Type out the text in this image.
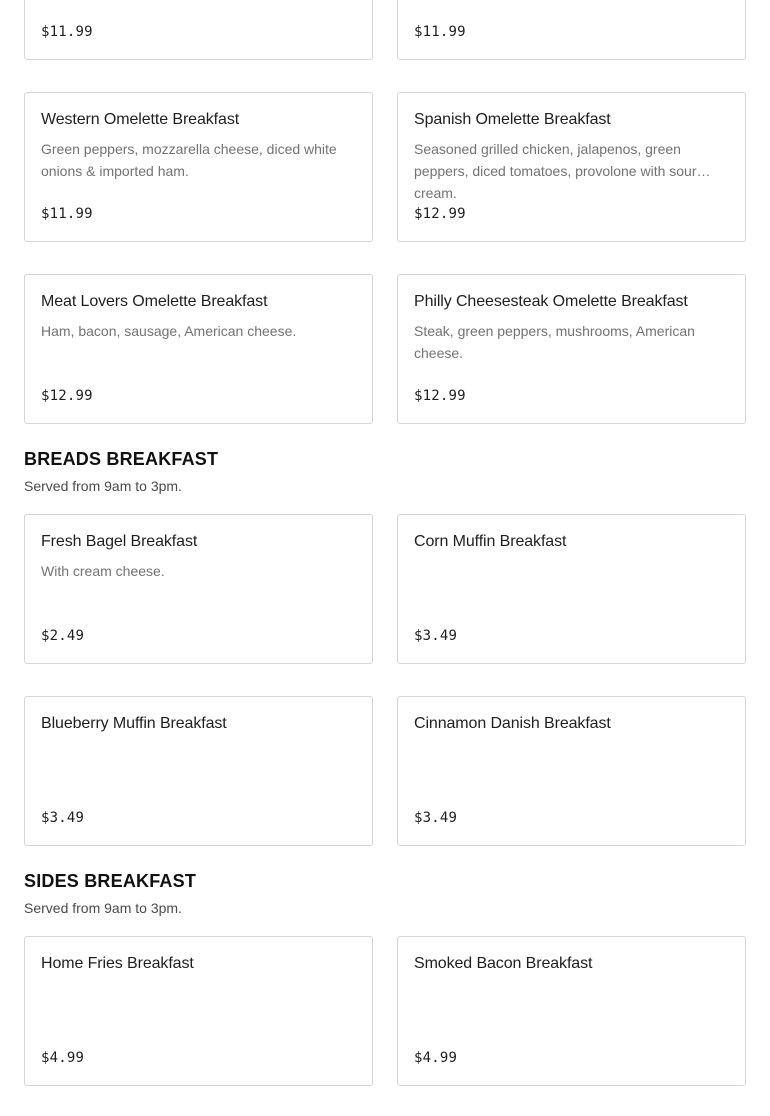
$11.99	$11.99
Western Omelette Breakfast
Green peppers, mozzarella cheese, diced white onions & imported ham.
$11.99
Spanish Omelette Breakfast
Seasoned grilled chicken, jalapenos, green peppers, diced tomatoes, provolone with sour cream.
$12.99
Meat Lovers Omelette Breakfast
Ham, bacon, sausage, American cheese.
$12.99
Philly Cheesesteak Omelette Breakfast
Steak, green peppers, mushrooms, American cheese.
$12.99
BREADS BREAKFAST

Served from 9am to 3pm.

Fresh Bagel Breakfast
With cream cheese.
$2.49
Corn Muffin Breakfast
$3.49
Blueberry Muffin Breakfast
$3.49
Cinnamon Danish Breakfast
$3.49
SIDES BREAKFAST

Served from 9am to 3pm.

Home Fries Breakfast
$4.99
Smoked Bacon Breakfast
$4.99
